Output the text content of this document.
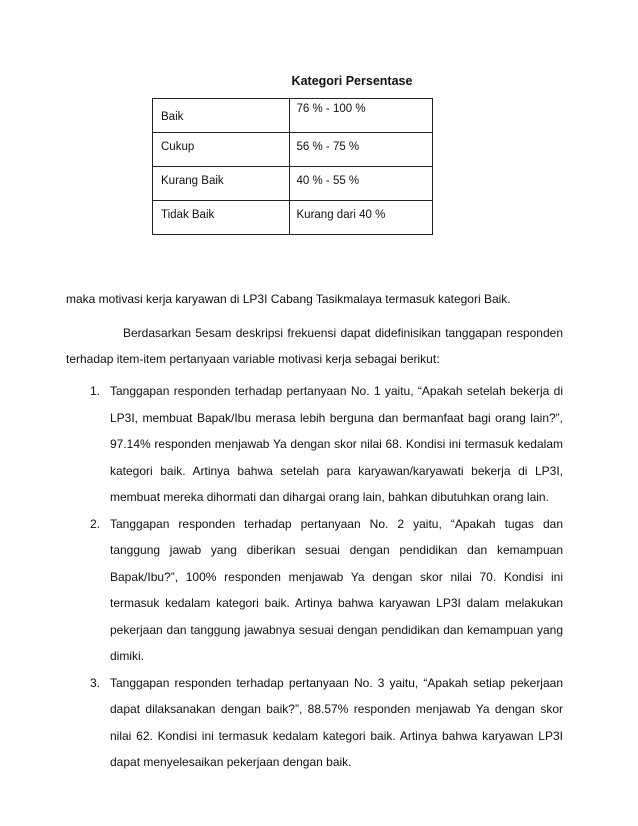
Kategori Persentase
Baik	76 % - 100 %
Cukup	56 % - 75 %
Kurang Baik	40 % - 55 %
Tidak Baik	Kurang dari 40 %

maka motivasi kerja karyawan di LP3I Cabang Tasikmalaya termasuk kategori Baik.

Berdasarkan 5esam deskripsi frekuensi dapat didefinisikan tanggapan responden terhadap item-item pertanyaan variable motivasi kerja sebagai berikut:

1. Tanggapan responden terhadap pertanyaan No. 1 yaitu, “Apakah setelah bekerja di LP3I, membuat Bapak/Ibu merasa lebih berguna dan bermanfaat bagi orang lain?”, 97.14% responden menjawab Ya dengan skor nilai 68. Kondisi ini termasuk kedalam kategori baik. Artinya bahwa setelah para karyawan/karyawati bekerja di LP3I, membuat mereka dihormati dan dihargai orang lain, bahkan dibutuhkan orang lain.
2. Tanggapan responden terhadap pertanyaan No. 2 yaitu, “Apakah tugas dan tanggung jawab yang diberikan sesuai dengan pendidikan dan kemampuan Bapak/Ibu?”, 100% responden menjawab Ya dengan skor nilai 70. Kondisi ini termasuk kedalam kategori baik. Artinya bahwa karyawan LP3I dalam melakukan pekerjaan dan tanggung jawabnya sesuai dengan pendidikan dan kemampuan yang dimiki.
3. Tanggapan responden terhadap pertanyaan No. 3 yaitu, “Apakah setiap pekerjaan dapat dilaksanakan dengan baik?”, 88.57% responden menjawab Ya dengan skor nilai 62. Kondisi ini termasuk kedalam kategori baik. Artinya bahwa karyawan LP3I dapat menyelesaikan pekerjaan dengan baik.
